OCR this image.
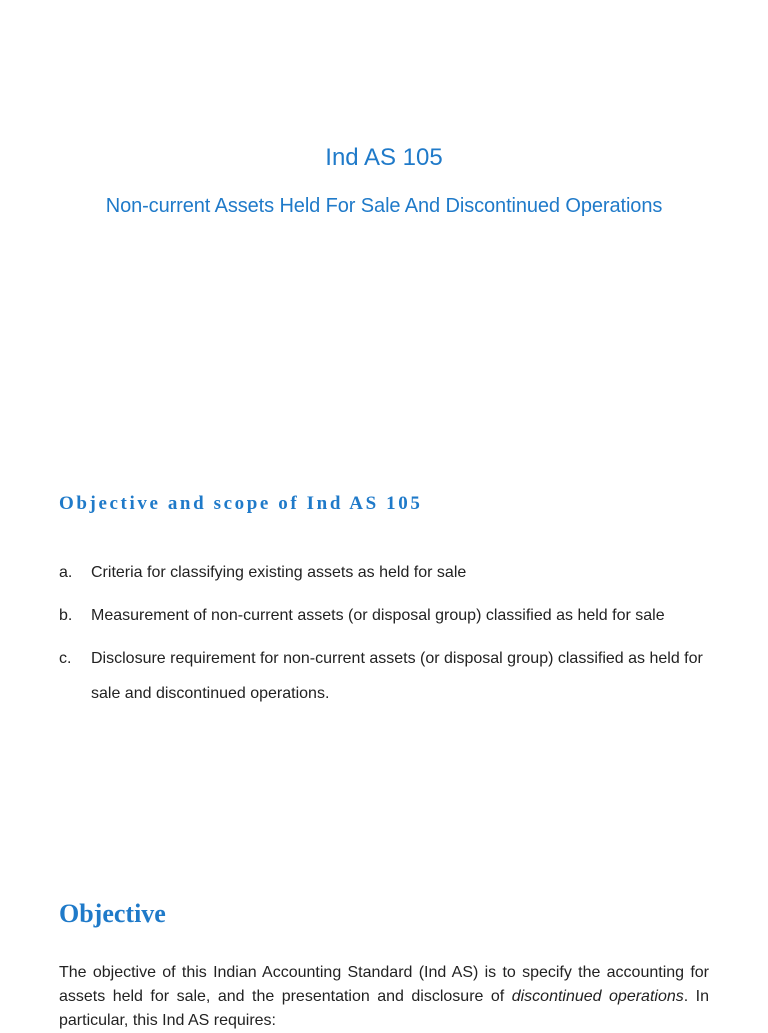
Ind AS 105
Non-current Assets Held For Sale And Discontinued Operations
Objective and scope of Ind AS 105
a. Criteria for classifying existing assets as held for sale
b. Measurement of non-current assets (or disposal group) classified as held for sale
c. Disclosure requirement for non-current assets (or disposal group) classified as held for sale and discontinued operations.
Objective

The objective of this Indian Accounting Standard (Ind AS) is to specify the accounting for assets held for sale, and the presentation and disclosure of discontinued operations. In particular, this Ind AS requires:
